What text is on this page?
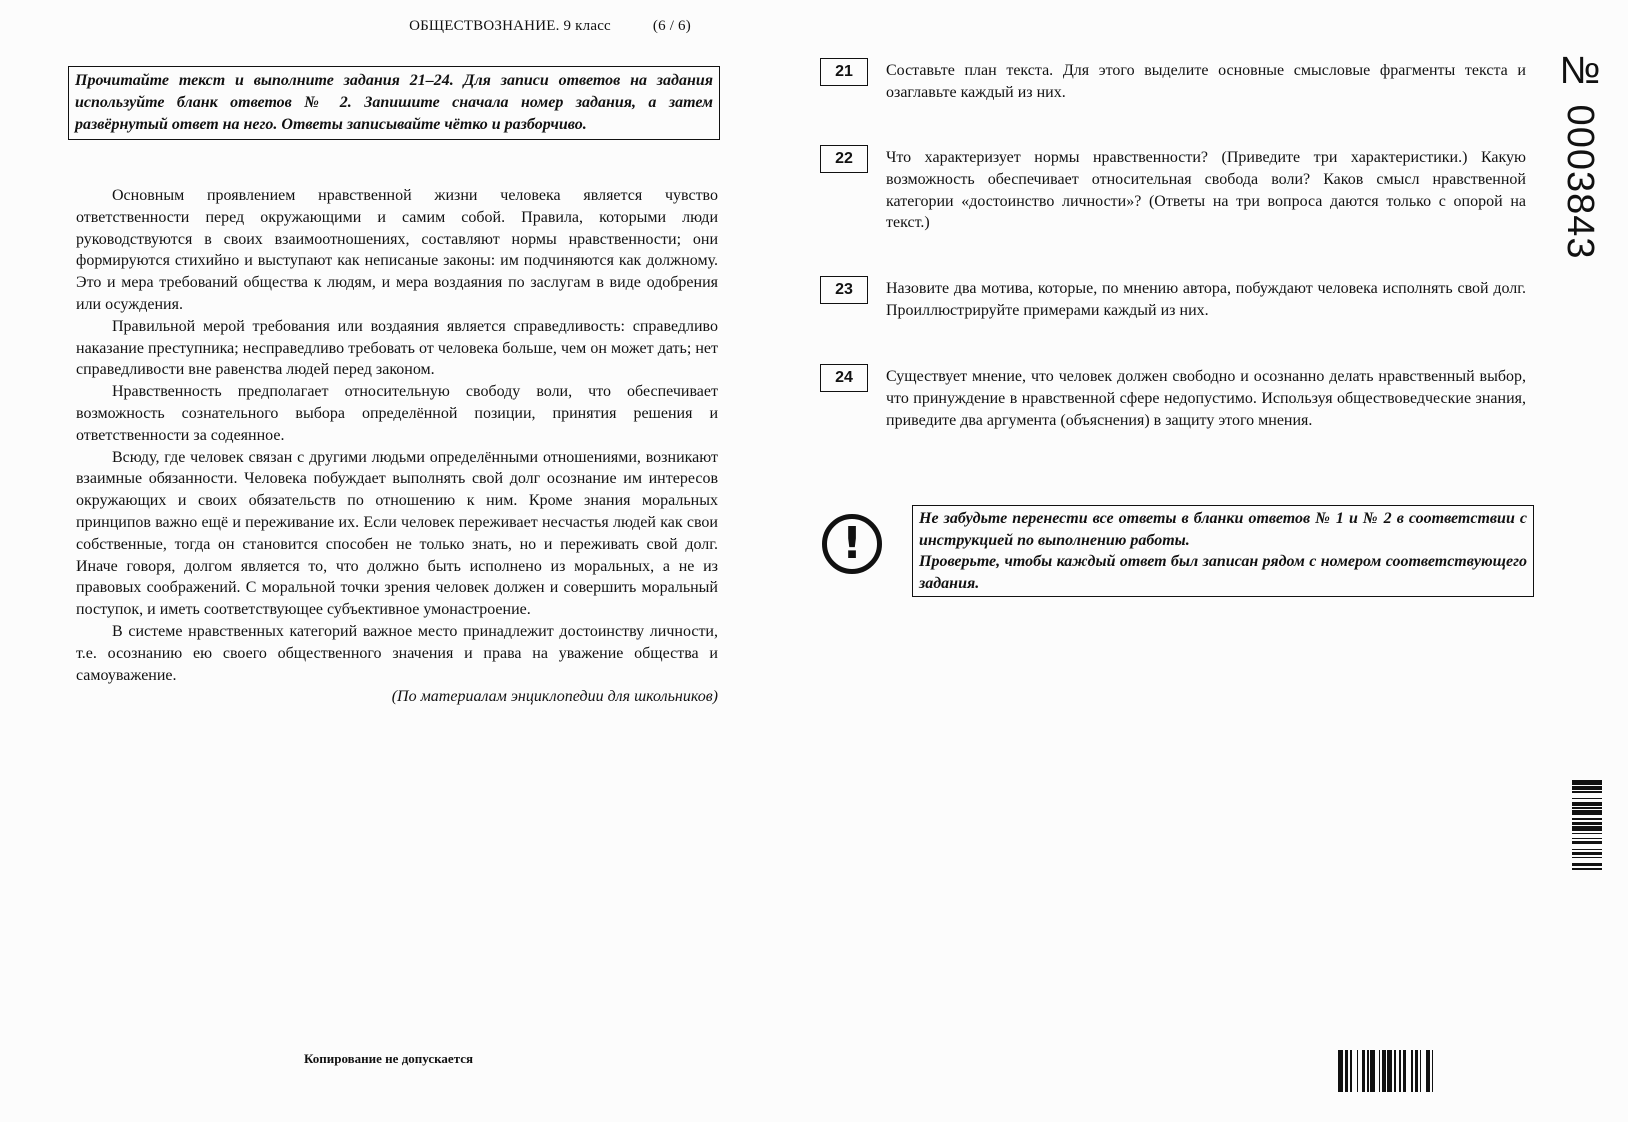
ОБЩЕСТВОЗНАНИЕ. 9 класс	(6 / 6)
Прочитайте текст и выполните задания 21–24. Для записи ответов на задания используйте бланк ответов № 2. Запишите сначала номер задания, а затем развёрнутый ответ на него. Ответы записывайте чётко и разборчиво.

Основным проявлением нравственной жизни человека является чувство ответственности перед окружающими и самим собой. Правила, которыми люди руководствуются в своих взаимоотношениях, составляют нормы нравственности; они формируются стихийно и выступают как неписаные законы: им подчиняются как должному. Это и мера требований общества к людям, и мера воздаяния по заслугам в виде одобрения или осуждения.

Правильной мерой требования или воздаяния является справедливость: справедливо наказание преступника; несправедливо требовать от человека больше, чем он может дать; нет справедливости вне равенства людей перед законом.

Нравственность предполагает относительную свободу воли, что обеспечивает возможность сознательного выбора определённой позиции, принятия решения и ответственности за содеянное.

Всюду, где человек связан с другими людьми определёнными отношениями, возникают взаимные обязанности. Человека побуждает выполнять свой долг осознание им интересов окружающих и своих обязательств по отношению к ним. Кроме знания моральных принципов важно ещё и переживание их. Если человек переживает несчастья людей как свои собственные, тогда он становится способен не только знать, но и переживать свой долг. Иначе говоря, долгом является то, что должно быть исполнено из моральных, а не из правовых соображений. С моральной точки зрения человек должен и совершить моральный поступок, и иметь соответствующее субъективное умонастроение.

В системе нравственных категорий важное место принадлежит достоинству личности, т.е. осознанию ею своего общественного значения и права на уважение общества и самоуважение.

(По материалам энциклопедии для школьников)

21	Составьте план текста. Для этого выделите основные смысловые фрагменты текста и озаглавьте каждый из них.
22	Что характеризует нормы нравственности? (Приведите три характеристики.) Какую возможность обеспечивает относительная свобода воли? Каков смысл нравственной категории «достоинство личности»? (Ответы на три вопроса даются только с опорой на текст.)
23	Назовите два мотива, которые, по мнению автора, побуждают человека исполнять свой долг. Проиллюстрируйте примерами каждый из них.
24	Существует мнение, что человек должен свободно и осознанно делать нравственный выбор, что принуждение в нравственной сфере недопустимо. Используя обществоведческие знания, приведите два аргумента (объяснения) в защиту этого мнения.
!	Не забудьте перенести все ответы в бланки ответов № 1 и № 2 в соответствии с инструкцией по выполнению работы.
Проверьте, чтобы каждый ответ был записан рядом с номером соответствующего задания.
Копирование не допускается
№ 0003843
